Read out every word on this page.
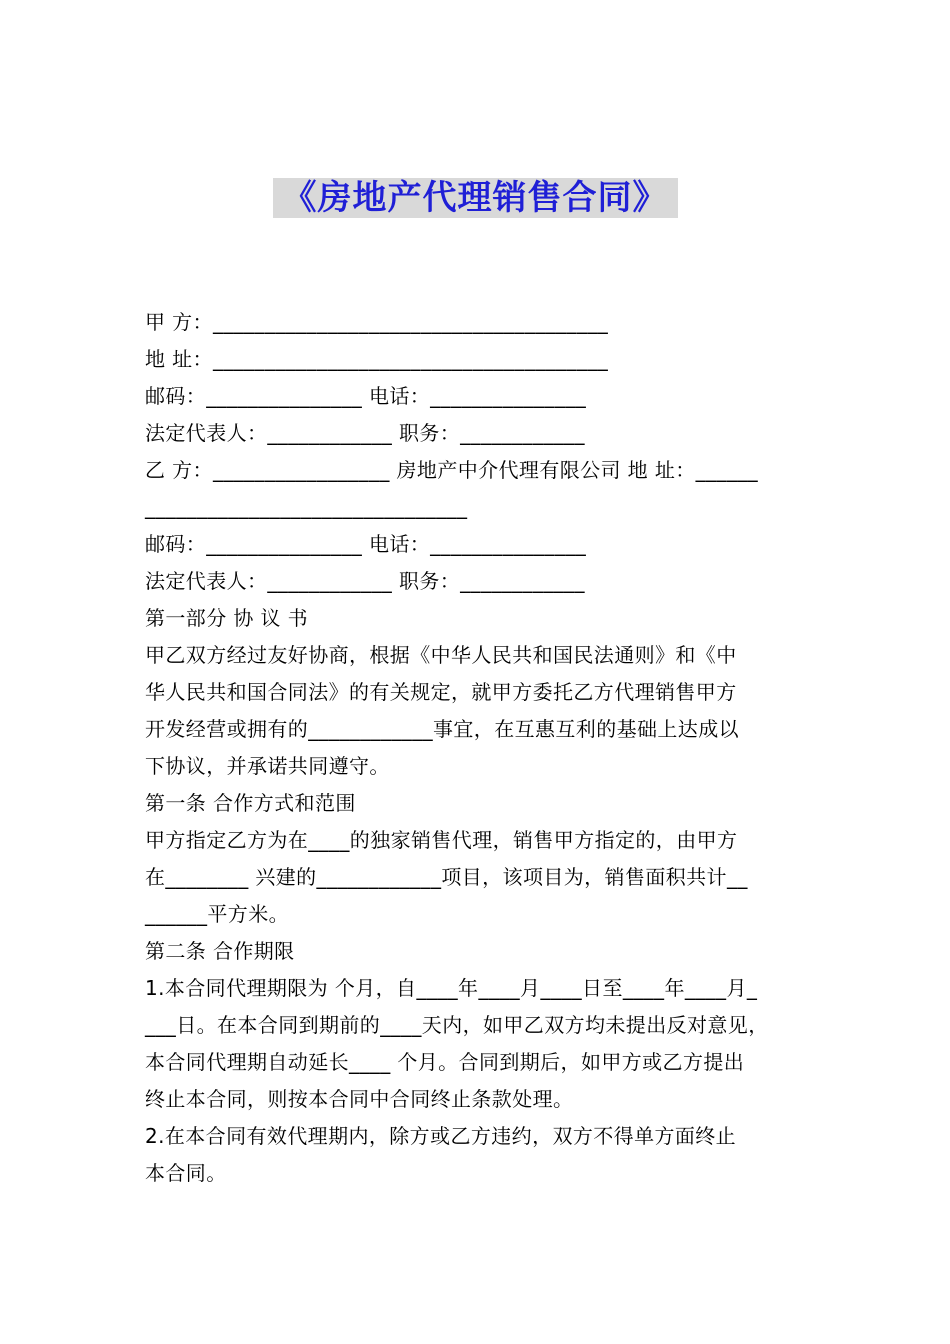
《房地产代理销售合同》
甲 方：______________________________________
地 址：______________________________________
邮码：_______________ 电话：_______________
法定代表人：____________ 职务：____________
乙 方：_________________ 房地产中介代理有限公司 地 址：______
_______________________________
邮码：_______________ 电话：_______________
法定代表人：____________ 职务：____________
第一部分 协 议 书
甲乙双方经过友好协商，根据《中华人民共和国民法通则》和《中
华人民共和国合同法》的有关规定，就甲方委托乙方代理销售甲方
开发经营或拥有的____________事宜，在互惠互利的基础上达成以
下协议，并承诺共同遵守。
第一条 合作方式和范围
甲方指定乙方为在____的独家销售代理，销售甲方指定的，由甲方
在________ 兴建的____________项目，该项目为，销售面积共计__
______平方米。
第二条 合作期限
1.本合同代理期限为 个月，自____年____月____日至____年____月_
___日。在本合同到期前的____天内，如甲乙双方均未提出反对意见，
本合同代理期自动延长____ 个月。合同到期后，如甲方或乙方提出
终止本合同，则按本合同中合同终止条款处理。
2.在本合同有效代理期内，除方或乙方违约，双方不得单方面终止
本合同。
